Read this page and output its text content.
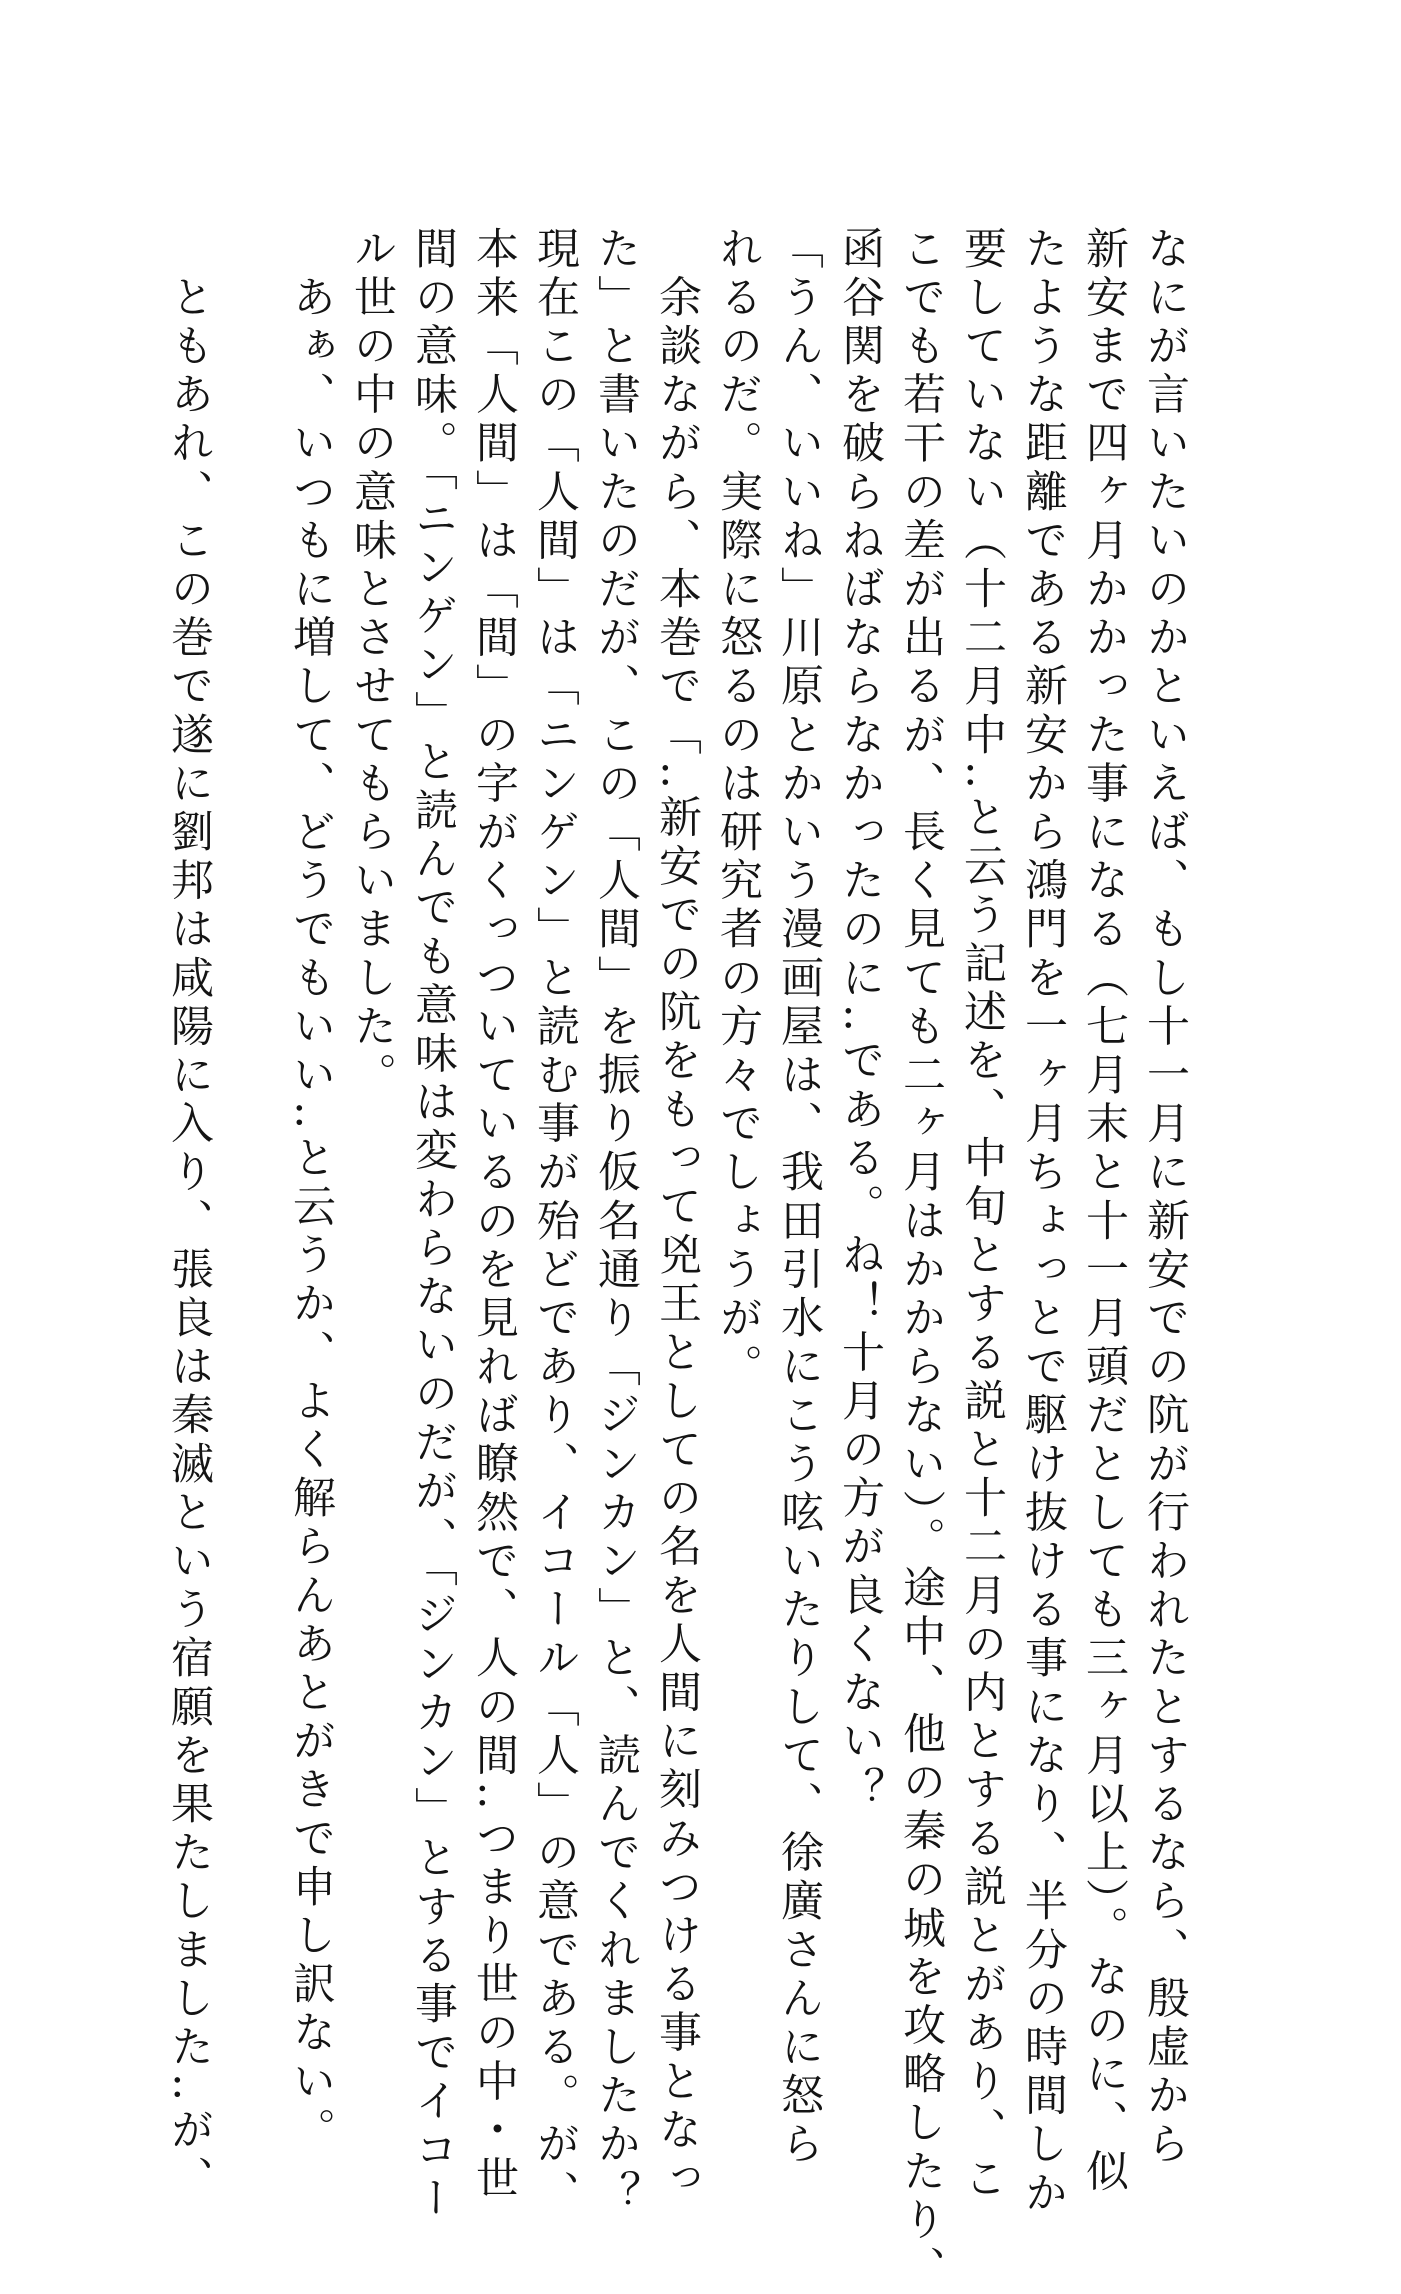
なにが言いたいのかといえば、もし十一月に新安での阬が行われたとするなら、殷虚から
新安まで四ヶ月かかった事になる（七月末と十一月頭だとしても三ヶ月以上）。なのに、似
たような距離である新安から鴻門を一ヶ月ちょっとで駆け抜ける事になり、半分の時間しか
要していない（十二月中‥と云う記述を、中旬とする説と十二月の内とする説とがあり、こ
こでも若干の差が出るが、長く見ても二ヶ月はかからない）。途中、他の秦の城を攻略したり、
函谷関を破らねばならなかったのに‥である。ね！十月の方が良くない？
「うん、いいね」川原とかいう漫画屋は、我田引水にこう呟いたりして、徐廣さんに怒ら
れるのだ。実際に怒るのは研究者の方々でしょうが。
　余談ながら、本巻で「‥新安での阬をもって兇王としての名を人間に刻みつける事となっ
た」と書いたのだが、この「人間」を振り仮名通り「ジンカン」と、読んでくれましたか？
現在この「人間」は「ニンゲン」と読む事が殆どであり、イコール「人」の意である。が、
本来「人間」は「間」の字がくっついているのを見れば瞭然で、人の間‥つまり世の中・世
間の意味。「ニンゲン」と読んでも意味は変わらないのだが、「ジンカン」とする事でイコー
ル世の中の意味とさせてもらいました。
　あぁ、いつもに増して、どうでもいい‥と云うか、よく解らんあとがきで申し訳ない。

　ともあれ、この巻で遂に劉邦は咸陽に入り、張良は秦滅という宿願を果たしました‥が、
